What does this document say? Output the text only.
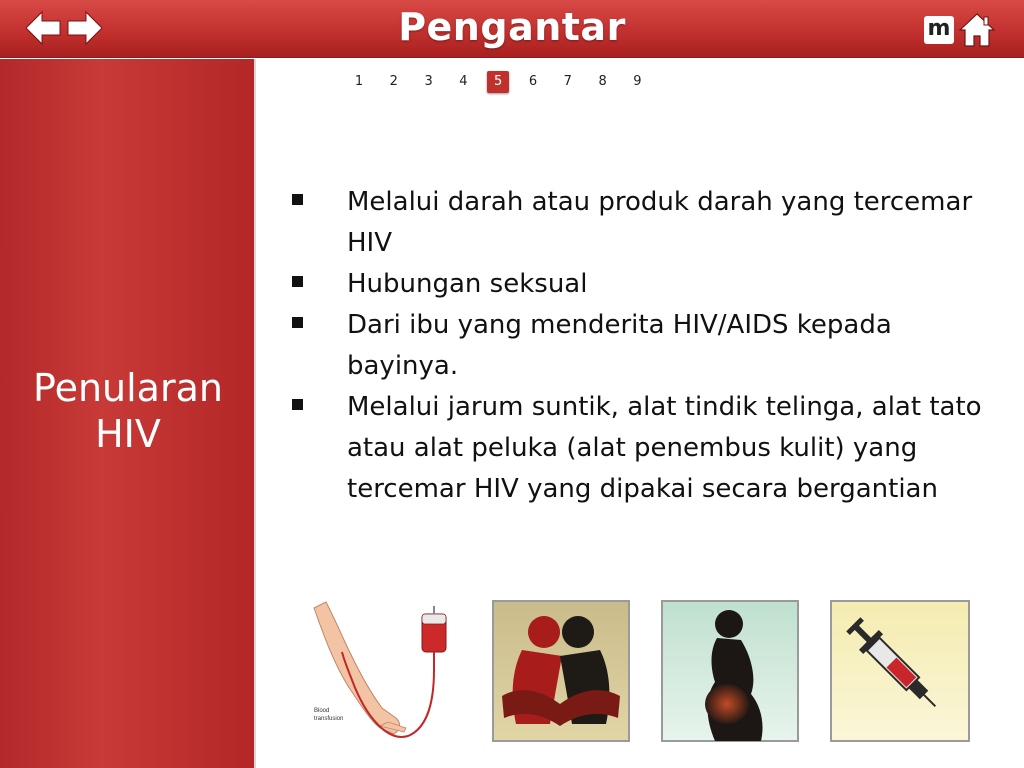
Pengantar	m
Penularan
HIV
1	2	3	4	5	6	7	8	9
Melalui darah atau produk darah yang tercemar HIV
Hubungan seksual
Dari ibu yang menderita HIV/AIDS kepada bayinya.
Melalui jarum suntik, alat tindik telinga, alat tato atau alat peluka (alat penembus kulit) yang tercemar HIV yang dipakai secara bergantian
Blood
transfusion
